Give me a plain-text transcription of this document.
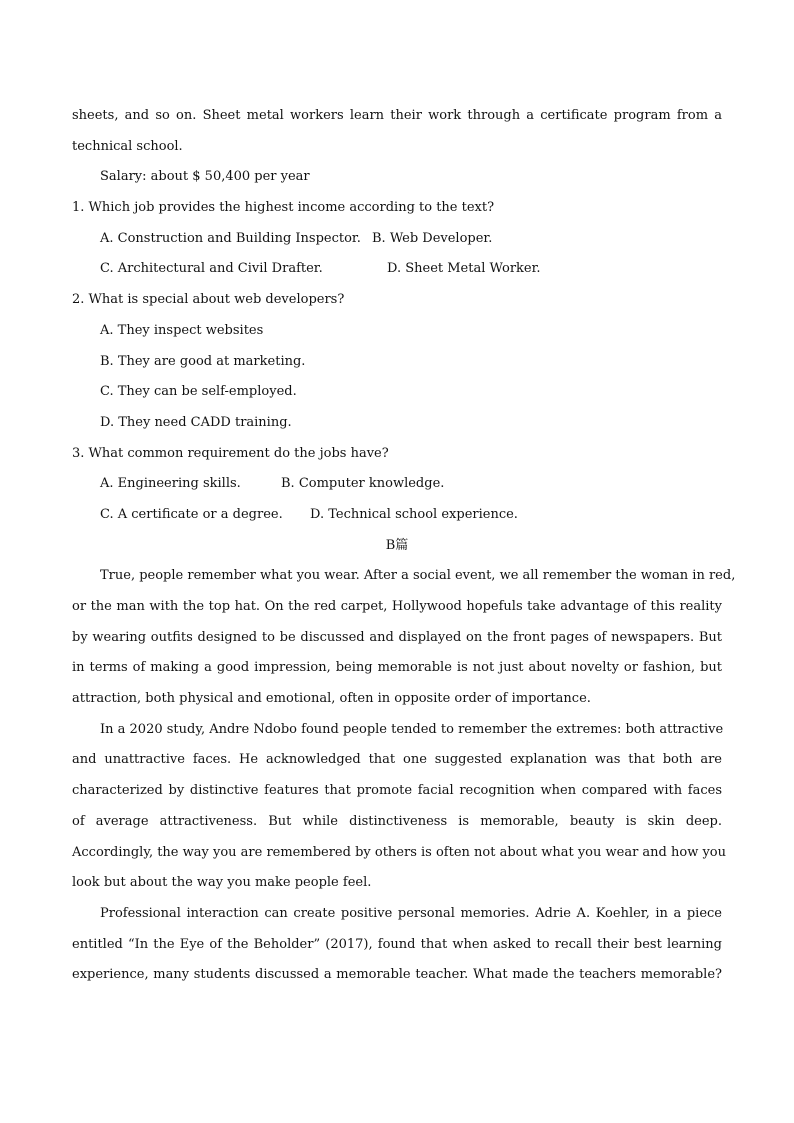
sheets, and so on. Sheet metal workers learn their work through a certificate program from a
technical school.
Salary: about $ 50,400 per year
1. Which job provides the highest income according to the text?
A. Construction and Building Inspector. B. Web Developer.
C. Architectural and Civil Drafter.	D. Sheet Metal Worker.
2. What is special about web developers?
A. They inspect websites
B. They are good at marketing.
C. They can be self-employed.
D. They need CADD training.
3. What common requirement do the jobs have?
A. Engineering skills.	B. Computer knowledge.
C. A certificate or a degree.	D. Technical school experience.
B篇
True, people remember what you wear. After a social event, we all remember the woman in red,
or the man with the top hat. On the red carpet, Hollywood hopefuls take advantage of this reality
by wearing outfits designed to be discussed and displayed on the front pages of newspapers. But
in terms of making a good impression, being memorable is not just about novelty or fashion, but
attraction, both physical and emotional, often in opposite order of importance.
In a 2020 study, Andre Ndobo found people tended to remember the extremes: both attractive
and unattractive faces. He acknowledged that one suggested explanation was that both are
characterized by distinctive features that promote facial recognition when compared with faces
of average attractiveness. But while distinctiveness is memorable, beauty is skin deep.
Accordingly, the way you are remembered by others is often not about what you wear and how you
look but about the way you make people feel.
Professional interaction can create positive personal memories. Adrie A. Koehler, in a piece
entitled “In the Eye of the Beholder” (2017), found that when asked to recall their best learning
experience, many students discussed a memorable teacher. What made the teachers memorable?
